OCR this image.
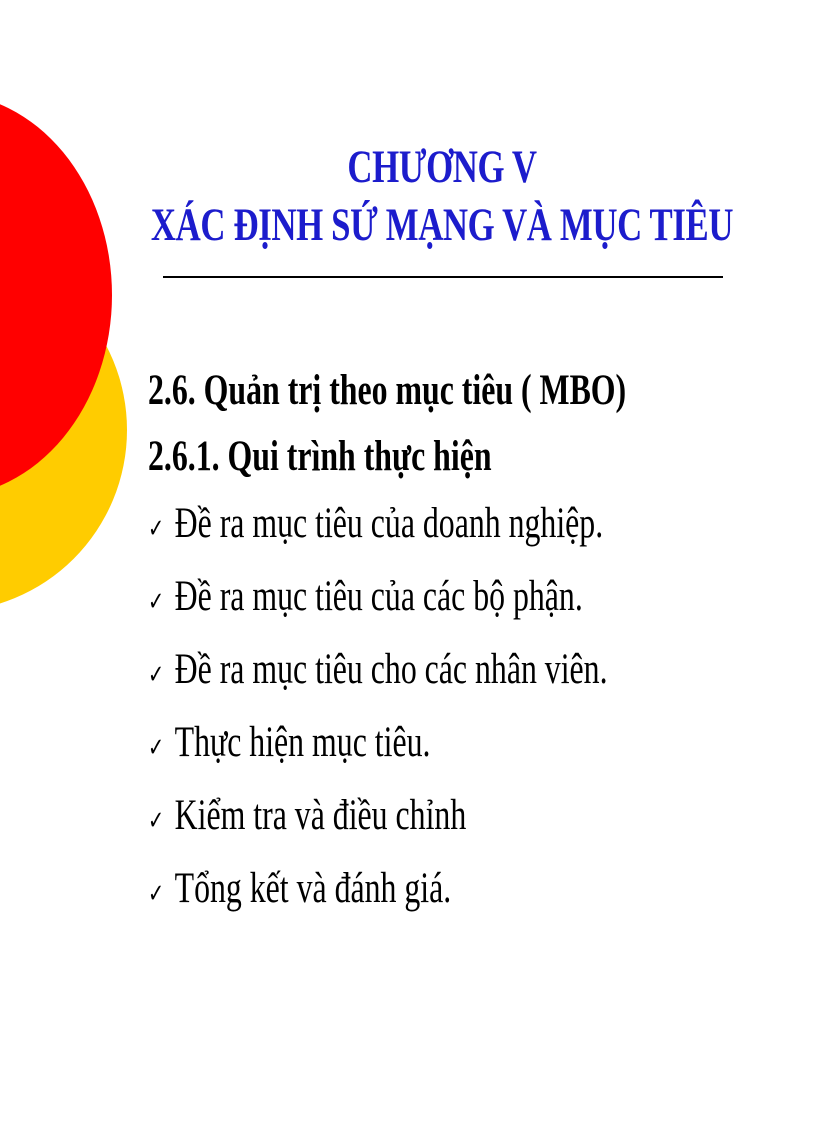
CHƯƠNG V
XÁC ĐỊNH SỨ MẠNG VÀ MỤC TIÊU
2.6. Quản trị theo mục tiêu ( MBO)
2.6.1. Qui trình thực hiện
✓ Đề ra mục tiêu của doanh nghiệp.
✓ Đề ra mục tiêu của các bộ phận.
✓ Đề ra mục tiêu cho các nhân viên.
✓ Thực hiện mục tiêu.
✓ Kiểm tra và điều chỉnh
✓ Tổng kết và đánh giá.
